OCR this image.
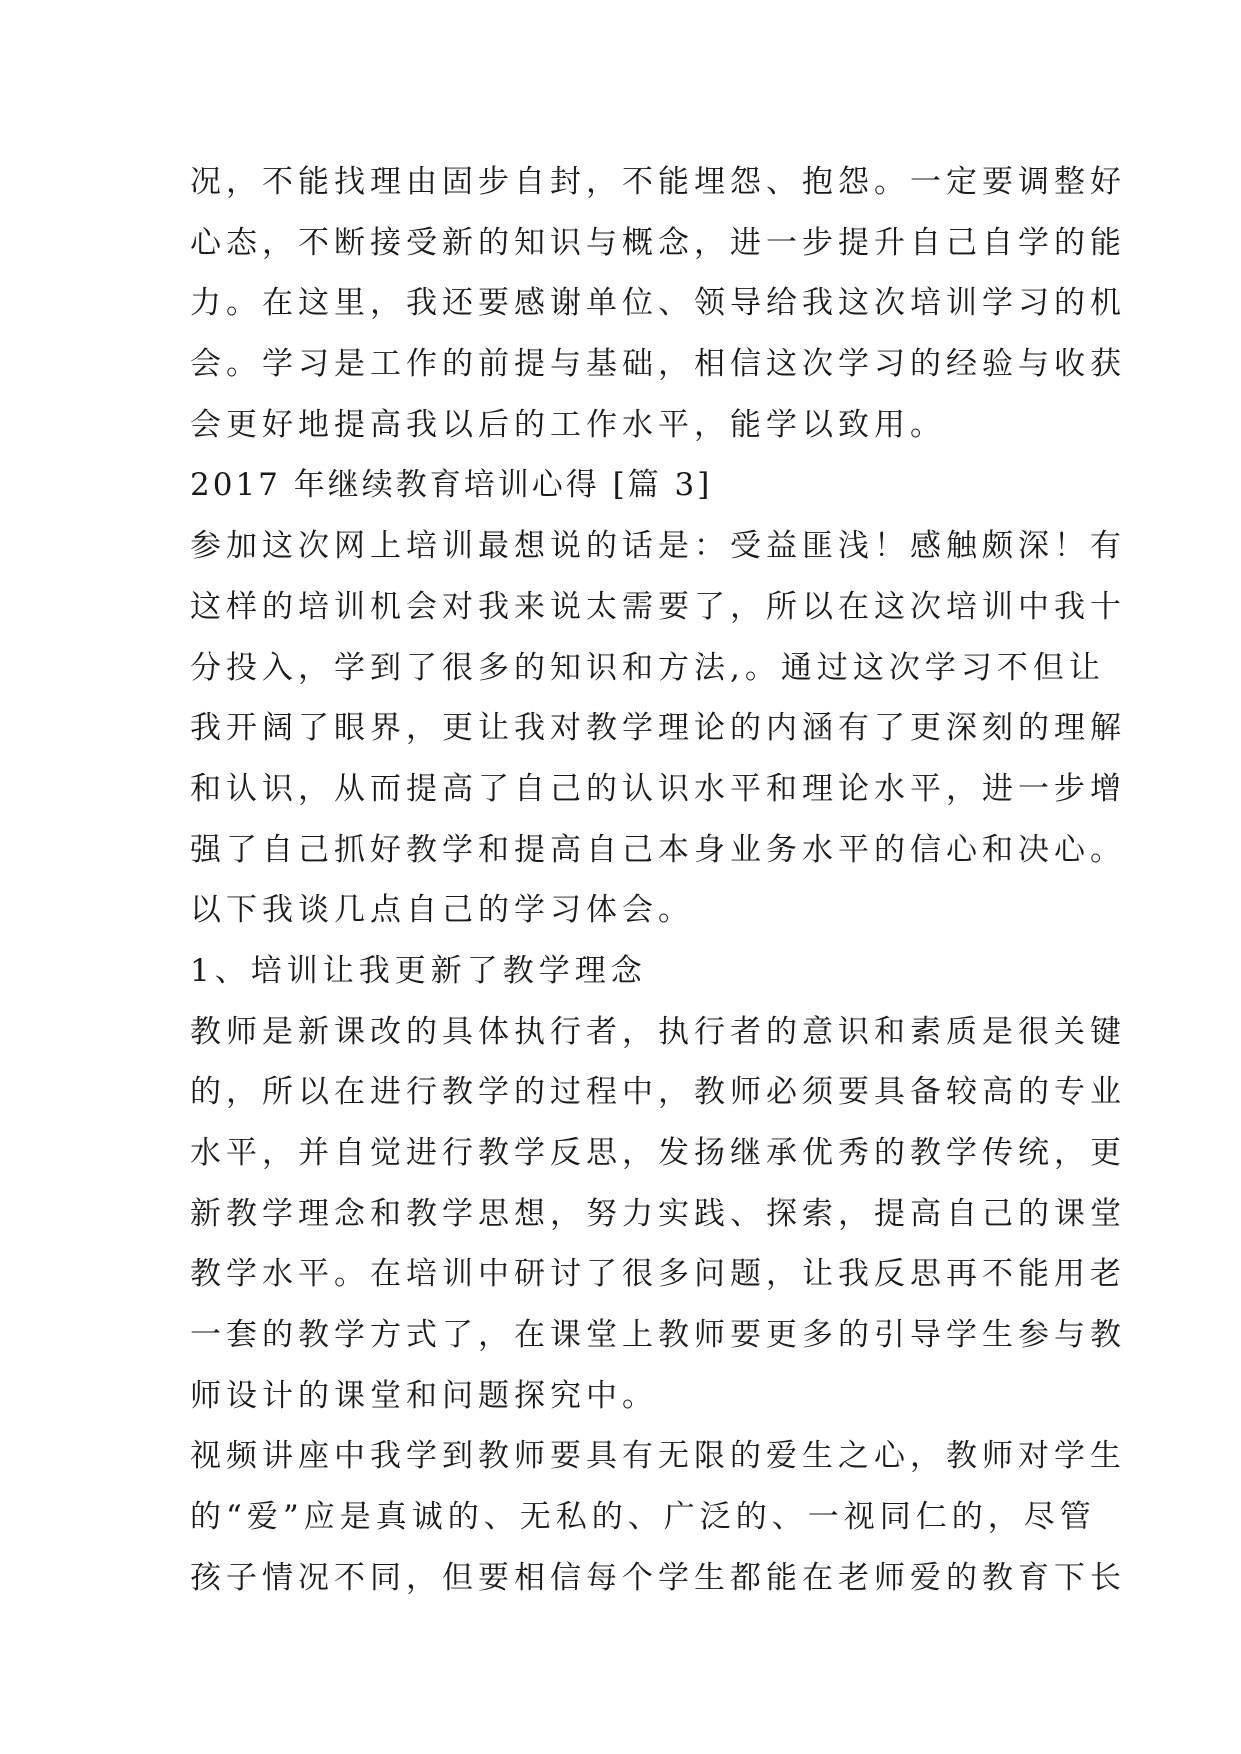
况，不能找理由固步自封，不能埋怨、抱怨。一定要调整好
心态，不断接受新的知识与概念，进一步提升自己自学的能
力。在这里，我还要感谢单位、领导给我这次培训学习的机
会。学习是工作的前提与基础，相信这次学习的经验与收获
会更好地提高我以后的工作水平，能学以致用。
2017 年继续教育培训心得 [篇 3]
参加这次网上培训最想说的话是：受益匪浅！感触颇深！有
这样的培训机会对我来说太需要了，所以在这次培训中我十
分投入，学到了很多的知识和方法,。通过这次学习不但让
我开阔了眼界，更让我对教学理论的内涵有了更深刻的理解
和认识，从而提高了自己的认识水平和理论水平，进一步增
强了自己抓好教学和提高自己本身业务水平的信心和决心。
以下我谈几点自己的学习体会。
1、培训让我更新了教学理念
教师是新课改的具体执行者，执行者的意识和素质是很关键
的，所以在进行教学的过程中，教师必须要具备较高的专业
水平，并自觉进行教学反思，发扬继承优秀的教学传统，更
新教学理念和教学思想，努力实践、探索，提高自己的课堂
教学水平。在培训中研讨了很多问题，让我反思再不能用老
一套的教学方式了，在课堂上教师要更多的引导学生参与教
师设计的课堂和问题探究中。
视频讲座中我学到教师要具有无限的爱生之心，教师对学生
的“爱”应是真诚的、无私的、广泛的、一视同仁的，尽管
孩子情况不同，但要相信每个学生都能在老师爱的教育下长
